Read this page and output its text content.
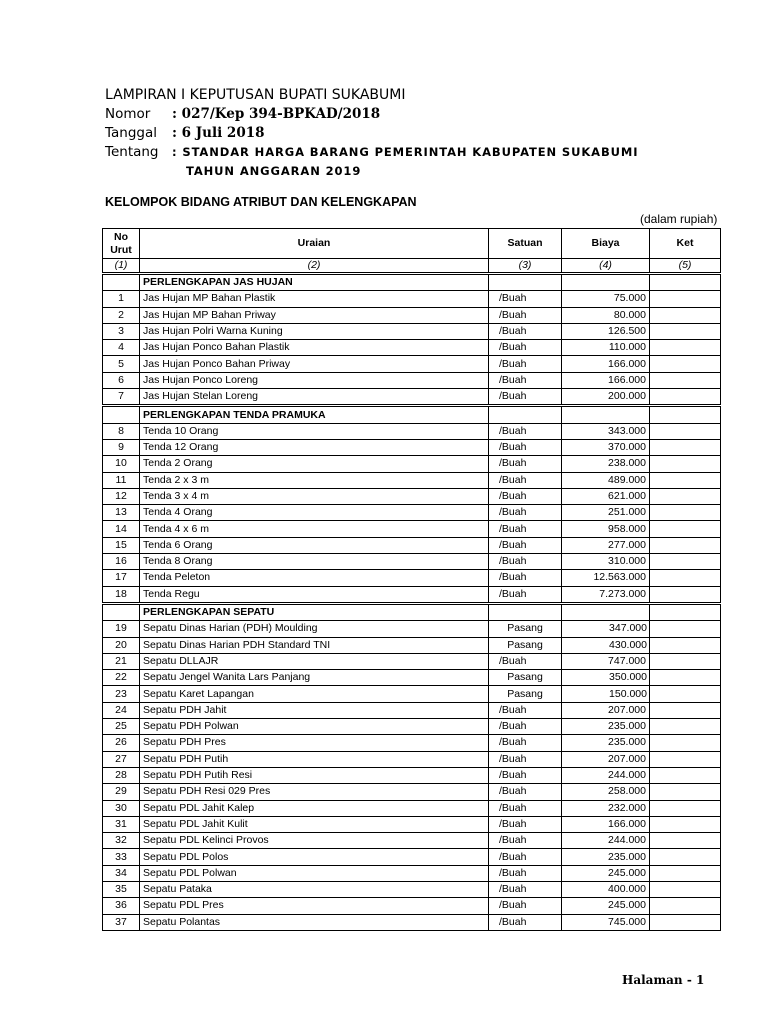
LAMPIRAN I KEPUTUSAN BUPATI SUKABUMI
Nomor : 027/Kep 394-BPKAD/2018
Tanggal : 6 Juli 2018
Tentang : STANDAR HARGA BARANG PEMERINTAH KABUPATEN SUKABUMI
TAHUN ANGGARAN 2019
KELOMPOK BIDANG ATRIBUT DAN KELENGKAPAN
(dalam rupiah)
No Urut	Uraian	Satuan	Biaya	Ket
(1)	(2)	(3)	(4)	(5)
	PERLENGKAPAN JAS HUJAN			
1	Jas Hujan MP Bahan Plastik	/Buah	75.000	
2	Jas Hujan MP Bahan Priway	/Buah	80.000	
3	Jas Hujan Polri Warna Kuning	/Buah	126.500	
4	Jas Hujan Ponco Bahan Plastik	/Buah	110.000	
5	Jas Hujan Ponco Bahan Priway	/Buah	166.000	
6	Jas Hujan Ponco Loreng	/Buah	166.000	
7	Jas Hujan Stelan Loreng	/Buah	200.000	
	PERLENGKAPAN TENDA PRAMUKA			
8	Tenda 10 Orang	/Buah	343.000	
9	Tenda 12 Orang	/Buah	370.000	
10	Tenda 2 Orang	/Buah	238.000	
11	Tenda 2 x 3 m	/Buah	489.000	
12	Tenda 3 x 4 m	/Buah	621.000	
13	Tenda 4 Orang	/Buah	251.000	
14	Tenda 4 x 6 m	/Buah	958.000	
15	Tenda 6 Orang	/Buah	277.000	
16	Tenda 8 Orang	/Buah	310.000	
17	Tenda Peleton	/Buah	12.563.000	
18	Tenda Regu	/Buah	7.273.000	
	PERLENGKAPAN SEPATU			
19	Sepatu Dinas Harian (PDH) Moulding	Pasang	347.000	
20	Sepatu Dinas Harian PDH Standard TNI	Pasang	430.000	
21	Sepatu DLLAJR	/Buah	747.000	
22	Sepatu Jengel Wanita Lars Panjang	Pasang	350.000	
23	Sepatu Karet Lapangan	Pasang	150.000	
24	Sepatu PDH Jahit	/Buah	207.000	
25	Sepatu PDH Polwan	/Buah	235.000	
26	Sepatu PDH Pres	/Buah	235.000	
27	Sepatu PDH Putih	/Buah	207.000	
28	Sepatu PDH Putih Resi	/Buah	244.000	
29	Sepatu PDH Resi 029 Pres	/Buah	258.000	
30	Sepatu PDL Jahit Kalep	/Buah	232.000	
31	Sepatu PDL Jahit Kulit	/Buah	166.000	
32	Sepatu PDL Kelinci Provos	/Buah	244.000	
33	Sepatu PDL Polos	/Buah	235.000	
34	Sepatu PDL Polwan	/Buah	245.000	
35	Sepatu Pataka	/Buah	400.000	
36	Sepatu PDL Pres	/Buah	245.000	
37	Sepatu Polantas	/Buah	745.000	
Halaman - 1
